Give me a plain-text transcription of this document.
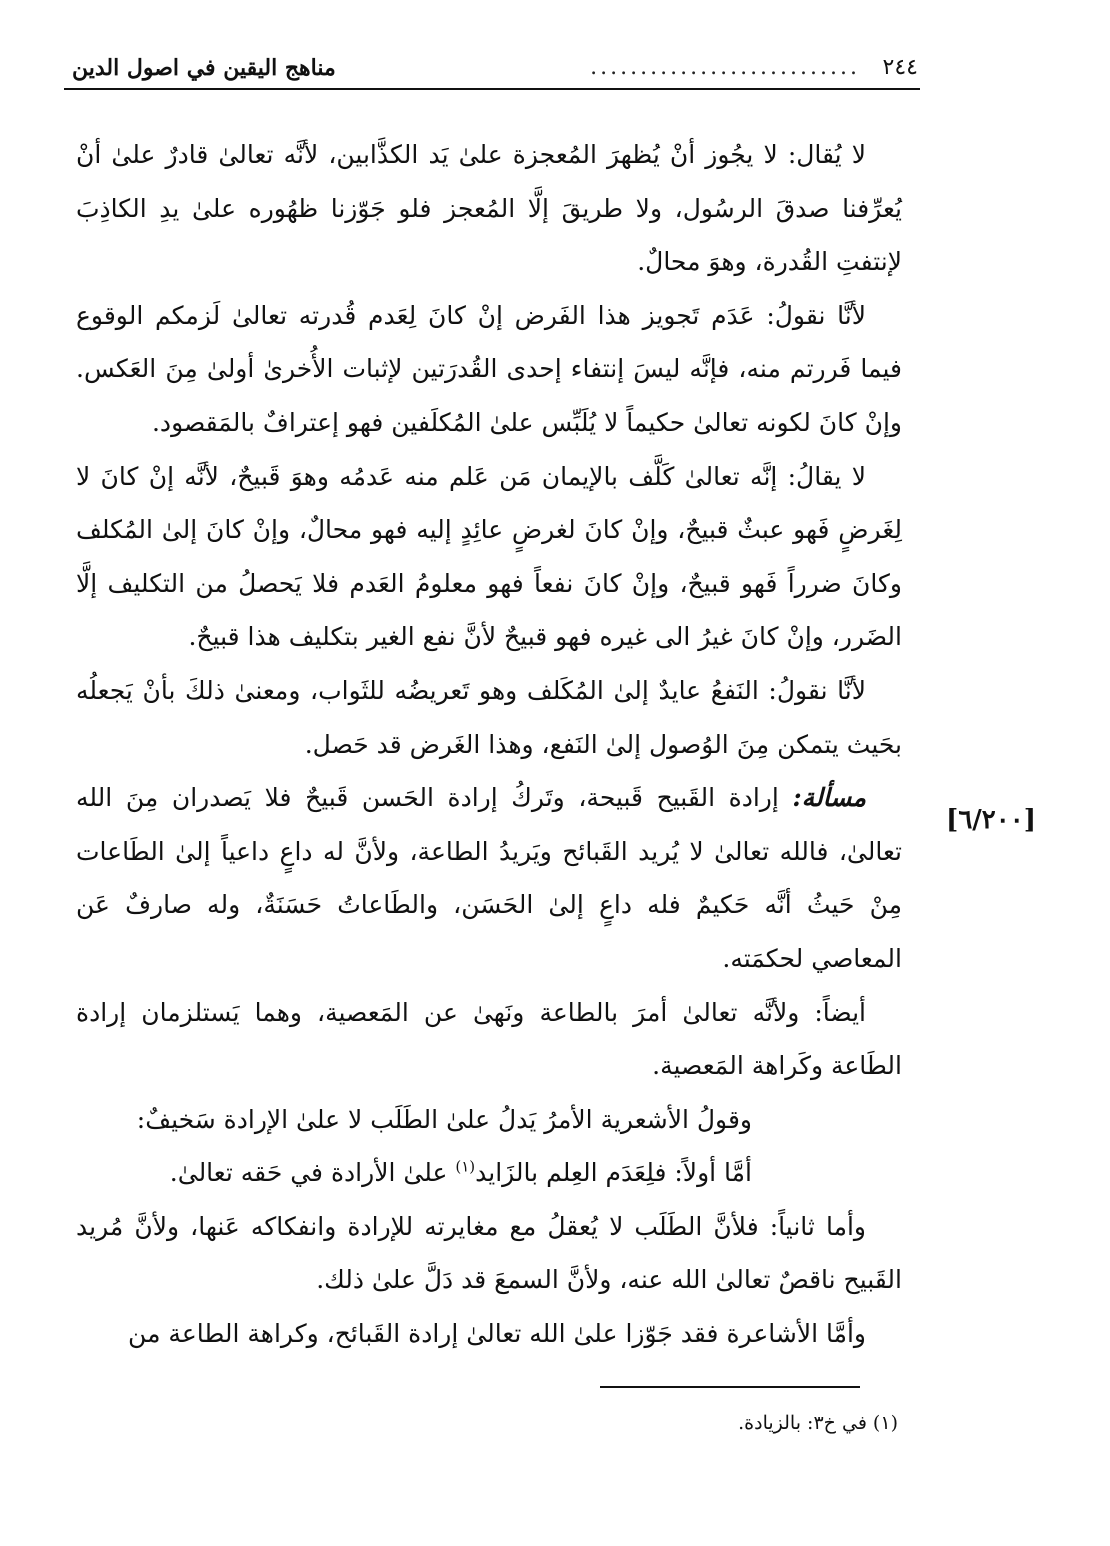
٢٤٤
...........................
مناهج اليقين في اصول الدين
[٦/٢٠٠]

لا يُقال: لا يجُوز أنْ يُظهرَ المُعجزة علىٰ يَد الكذَّابين، لأنَّه تعالىٰ قادرٌ علىٰ أنْ يُعرِّفنا صدقَ الرسُول، ولا طريقَ إلَّا المُعجز فلو جَوّزنا ظهُوره علىٰ يدِ الكاذِبَ لإنتفتِ القُدرة، وهوَ محالٌ.

لأنَّا نقولُ: عَدَم تَجويز هذا الفَرض إنْ كانَ لِعَدم قُدرته تعالىٰ لَزمكم الوقوع فيما فَررتم منه، فإنَّه ليسَ إنتفاء إحدى القُدرَتين لإثبات الأُخرىٰ أولىٰ مِنَ العَكس. وإنْ كانَ لكونه تعالىٰ حكيماً لا يُلَبِّس علىٰ المُكلَفين فهو إعترافٌ بالمَقصود.

لا يقالُ: إنَّه تعالىٰ كَلَّف بالإيمان مَن عَلم منه عَدمُه وهوَ قَبيحٌ، لأنَّه إنْ كانَ لا لِغَرضٍ فَهو عبثٌ قبيحٌ، وإنْ كانَ لغرضٍ عائِدٍ إليه فهو محالٌ، وإنْ كانَ إلىٰ المُكلف وكانَ ضرراً فَهو قبيحٌ، وإنْ كانَ نفعاً فهو معلومُ العَدم فلا يَحصلُ من التكليف إلَّا الضَرر، وإنْ كانَ غيرُ الى غيره فهو قبيحٌ لأنَّ نفع الغير بتكليف هذا قبيحٌ.

لأنَّا نقولُ: النَفعُ عايدٌ إلىٰ المُكَلف وهو تَعريضُه للثَواب، ومعنىٰ ذلكَ بأنْ يَجعلُه بحَيث يتمكن مِنَ الوُصول إلىٰ النَفع، وهذا الغَرض قد حَصل.

مسألة: إرادة القَبيح قَبيحة، وتَركُ إرادة الحَسن قَبيحٌ فلا يَصدران مِنَ الله تعالىٰ، فالله تعالىٰ لا يُريد القَبائح ويَريدُ الطاعة، ولأنَّ له داعٍ داعياً إلىٰ الطَاعات مِنْ حَيثُ أنَّه حَكيمٌ فله داعٍ إلىٰ الحَسَن، والطَاعاتُ حَسَنَةٌ، وله صارفٌ عَن المعاصي لحكمَته.

أيضاً: ولأنَّه تعالىٰ أمرَ بالطاعة ونَهىٰ عن المَعصية، وهما يَستلزمان إرادة الطَاعة وكَراهة المَعصية.

وقولُ الأشعرية الأمرُ يَدلُ علىٰ الطَلَب لا علىٰ الإرادة سَخيفٌ:

أمَّا أولاً: فلِعَدَم العِلم بالزَايد$^{(١)}$ علىٰ الأرادة في حَقه تعالىٰ.

وأما ثانياً: فلأنَّ الطَلَب لا يُعقلُ مع مغايرته للإرادة وانفكاكه عَنها، ولأنَّ مُريد القَبيح ناقصٌ تعالىٰ الله عنه، ولأنَّ السمعَ قد دَلَّ علىٰ ذلك.

وأمَّا الأشاعرة فقد جَوّزا علىٰ الله تعالىٰ إرادة القَبائح، وكراهة الطاعة من

(١) في خ٣: بالزيادة.
